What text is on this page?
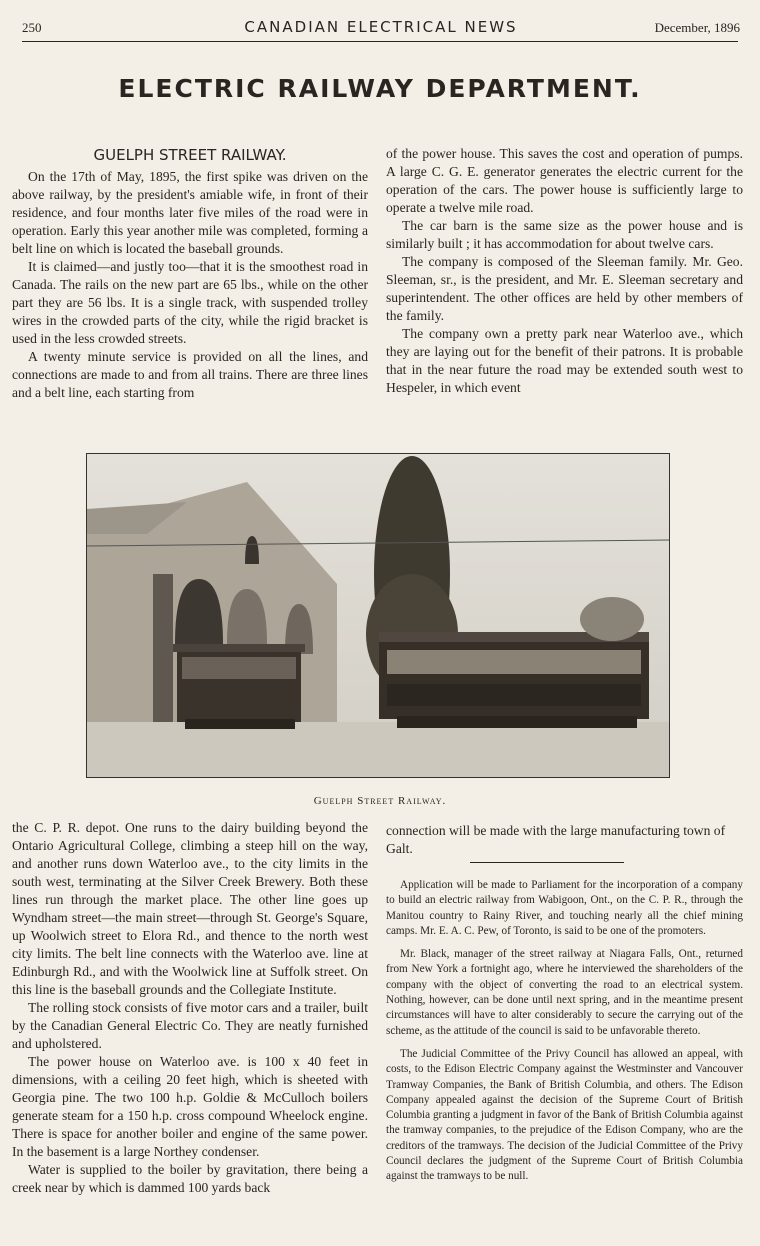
250	CANADIAN ELECTRICAL NEWS	December, 1896
ELECTRIC RAILWAY DEPARTMENT.
GUELPH STREET RAILWAY.

On the 17th of May, 1895, the first spike was driven on the above railway, by the president's amiable wife, in front of their residence, and four months later five miles of the road were in operation. Early this year another mile was completed, forming a belt line on which is located the baseball grounds.

It is claimed—and justly too—that it is the smoothest road in Canada. The rails on the new part are 65 lbs., while on the other part they are 56 lbs. It is a single track, with suspended trolley wires in the crowded parts of the city, while the rigid bracket is used in the less crowded streets.

A twenty minute service is provided on all the lines, and connections are made to and from all trains. There are three lines and a belt line, each starting from

of the power house. This saves the cost and operation of pumps. A large C. G. E. generator generates the electric current for the operation of the cars. The power house is sufficiently large to operate a twelve mile road.

The car barn is the same size as the power house and is similarly built ; it has accommodation for about twelve cars.

The company is composed of the Sleeman family. Mr. Geo. Sleeman, sr., is the president, and Mr. E. Sleeman secretary and superintendent. The other offices are held by other members of the family.

The company own a pretty park near Waterloo ave., which they are laying out for the benefit of their patrons. It is probable that in the near future the road may be extended south west to Hespeler, in which event

Guelph Street Railway.

the C. P. R. depot. One runs to the dairy building beyond the Ontario Agricultural College, climbing a steep hill on the way, and another runs down Waterloo ave., to the city limits in the south west, terminating at the Silver Creek Brewery. Both these lines run through the market place. The other line goes up Wyndham street—the main street—through St. George's Square, up Woolwich street to Elora Rd., and thence to the north west city limits. The belt line connects with the Waterloo ave. line at Edinburgh Rd., and with the Woolwick line at Suffolk street. On this line is the baseball grounds and the Collegiate Institute.

The rolling stock consists of five motor cars and a trailer, built by the Canadian General Electric Co. They are neatly furnished and upholstered.

The power house on Waterloo ave. is 100 x 40 feet in dimensions, with a ceiling 20 feet high, which is sheeted with Georgia pine. The two 100 h.p. Goldie & McCulloch boilers generate steam for a 150 h.p. cross compound Wheelock engine. There is space for another boiler and engine of the same power. In the basement is a large Northey condenser.

Water is supplied to the boiler by gravitation, there being a creek near by which is dammed 100 yards back

connection will be made with the large manufacturing town of Galt.

Application will be made to Parliament for the incorporation of a company to build an electric railway from Wabigoon, Ont., on the C. P. R., through the Manitou country to Rainy River, and touching nearly all the chief mining camps. Mr. E. A. C. Pew, of Toronto, is said to be one of the promoters.

Mr. Black, manager of the street railway at Niagara Falls, Ont., returned from New York a fortnight ago, where he interviewed the shareholders of the company with the object of converting the road to an electrical system. Nothing, however, can be done until next spring, and in the meantime present circumstances will have to alter considerably to secure the carrying out of the scheme, as the attitude of the council is said to be unfavorable thereto.

The Judicial Committee of the Privy Council has allowed an appeal, with costs, to the Edison Electric Company against the Westminster and Vancouver Tramway Companies, the Bank of British Columbia, and others. The Edison Company appealed against the decision of the Supreme Court of British Columbia granting a judgment in favor of the Bank of British Columbia against the tramway companies, to the prejudice of the Edison Company, who are the creditors of the tramways. The decision of the Judicial Committee of the Privy Council declares the judgment of the Supreme Court of British Columbia against the tramways to be null.
